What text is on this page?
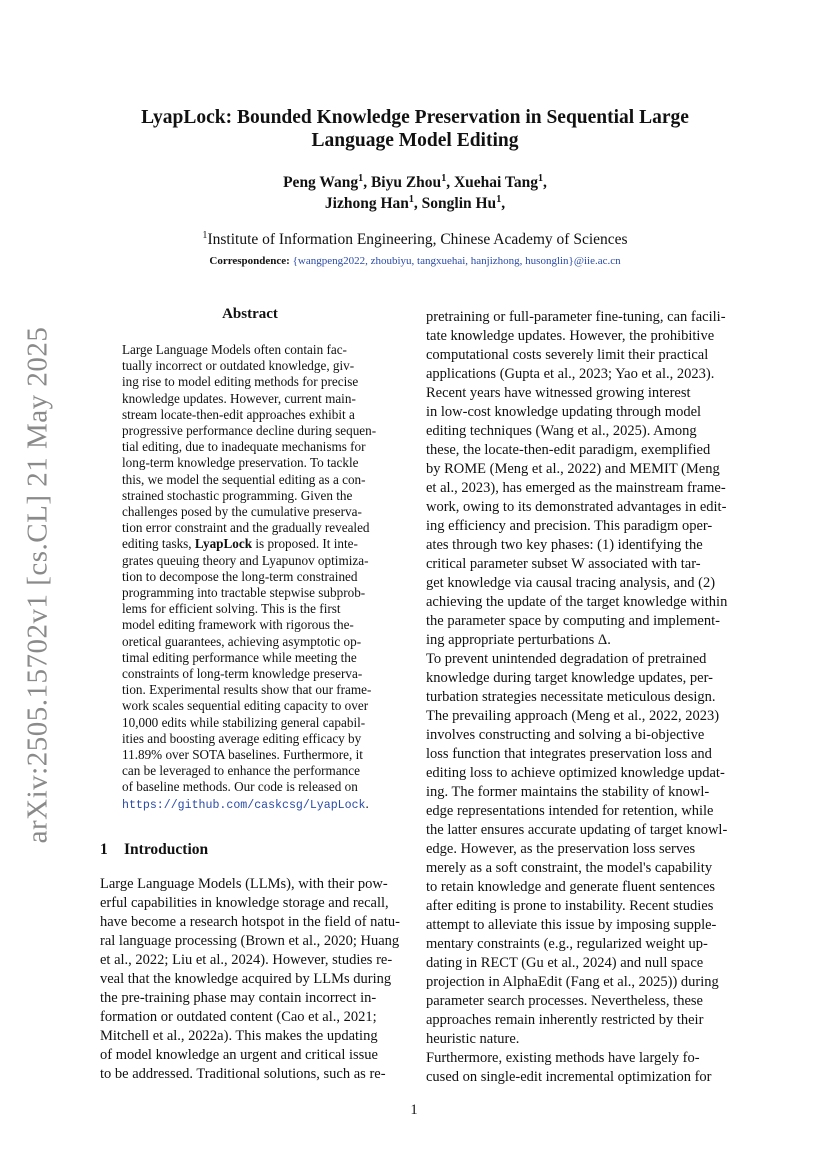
arXiv:2505.15702v1 [cs.CL] 21 May 2025
LyapLock: Bounded Knowledge Preservation in Sequential Large
Language Model Editing
Peng Wang$^1$, Biyu Zhou$^1$, Xuehai Tang$^1$,
Jizhong Han$^1$, Songlin Hu$^1$,
$^1$Institute of Information Engineering, Chinese Academy of Sciences
Correspondence: {wangpeng2022, zhoubiyu, tangxuehai, hanjizhong, husonglin}@iie.ac.cn
Abstract
Large Language Models often contain fac-
tually incorrect or outdated knowledge, giv-
ing rise to model editing methods for precise
knowledge updates. However, current main-
stream locate-then-edit approaches exhibit a
progressive performance decline during sequen-
tial editing, due to inadequate mechanisms for
long-term knowledge preservation. To tackle
this, we model the sequential editing as a con-
strained stochastic programming. Given the
challenges posed by the cumulative preserva-
tion error constraint and the gradually revealed
editing tasks, LyapLock is proposed. It inte-
grates queuing theory and Lyapunov optimiza-
tion to decompose the long-term constrained
programming into tractable stepwise subprob-
lems for efficient solving. This is the first
model editing framework with rigorous the-
oretical guarantees, achieving asymptotic op-
timal editing performance while meeting the
constraints of long-term knowledge preserva-
tion. Experimental results show that our frame-
work scales sequential editing capacity to over
10,000 edits while stabilizing general capabil-
ities and boosting average editing efficacy by
11.89% over SOTA baselines. Furthermore, it
can be leveraged to enhance the performance
of baseline methods. Our code is released on
https://github.com/caskcsg/LyapLock.
1 Introduction
Large Language Models (LLMs), with their pow-
erful capabilities in knowledge storage and recall,
have become a research hotspot in the field of natu-
ral language processing (Brown et al., 2020; Huang
et al., 2022; Liu et al., 2024). However, studies re-
veal that the knowledge acquired by LLMs during
the pre-training phase may contain incorrect in-
formation or outdated content (Cao et al., 2021;
Mitchell et al., 2022a). This makes the updating
of model knowledge an urgent and critical issue
to be addressed. Traditional solutions, such as re-
pretraining or full-parameter fine-tuning, can facili-
tate knowledge updates. However, the prohibitive
computational costs severely limit their practical
applications (Gupta et al., 2023; Yao et al., 2023).
Recent years have witnessed growing interest
in low-cost knowledge updating through model
editing techniques (Wang et al., 2025). Among
these, the locate-then-edit paradigm, exemplified
by ROME (Meng et al., 2022) and MEMIT (Meng
et al., 2023), has emerged as the mainstream frame-
work, owing to its demonstrated advantages in edit-
ing efficiency and precision. This paradigm oper-
ates through two key phases: (1) identifying the
critical parameter subset W associated with tar-
get knowledge via causal tracing analysis, and (2)
achieving the update of the target knowledge within
the parameter space by computing and implement-
ing appropriate perturbations Δ.
To prevent unintended degradation of pretrained
knowledge during target knowledge updates, per-
turbation strategies necessitate meticulous design.
The prevailing approach (Meng et al., 2022, 2023)
involves constructing and solving a bi-objective
loss function that integrates preservation loss and
editing loss to achieve optimized knowledge updat-
ing. The former maintains the stability of knowl-
edge representations intended for retention, while
the latter ensures accurate updating of target knowl-
edge. However, as the preservation loss serves
merely as a soft constraint, the model's capability
to retain knowledge and generate fluent sentences
after editing is prone to instability. Recent studies
attempt to alleviate this issue by imposing supple-
mentary constraints (e.g., regularized weight up-
dating in RECT (Gu et al., 2024) and null space
projection in AlphaEdit (Fang et al., 2025)) during
parameter search processes. Nevertheless, these
approaches remain inherently restricted by their
heuristic nature.
Furthermore, existing methods have largely fo-
cused on single-edit incremental optimization for
1
